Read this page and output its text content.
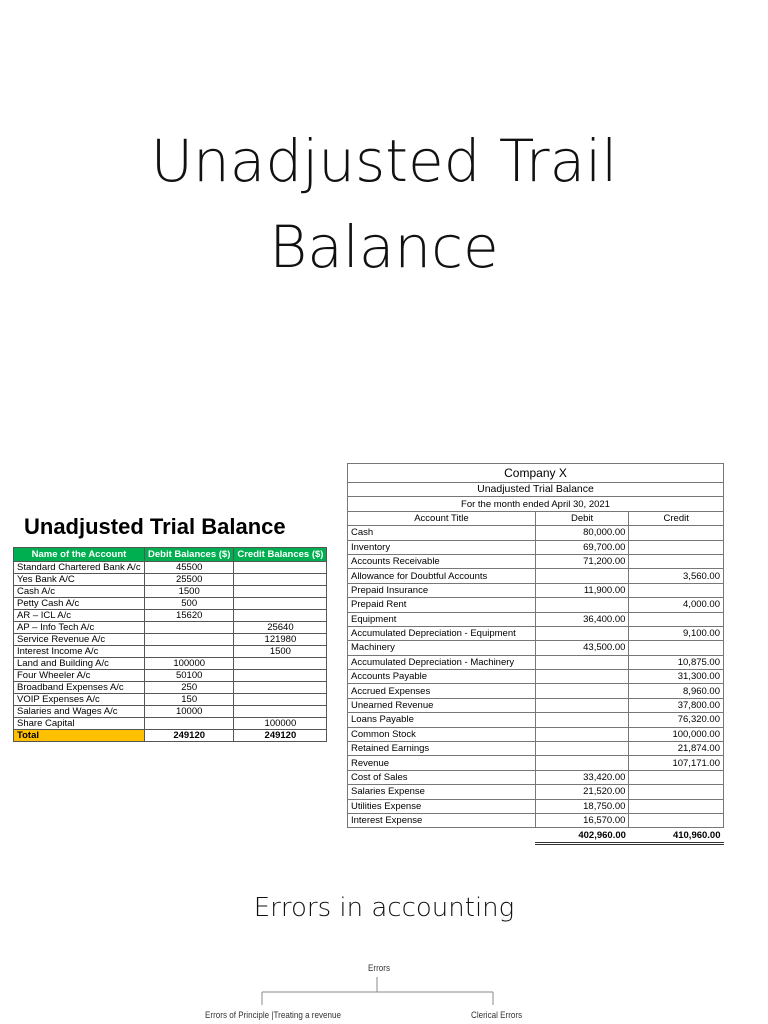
Unadjusted Trail
Balance
Unadjusted Trial Balance
Name of the Account	Debit Balances ($)	Credit Balances ($)
Standard Chartered Bank A/c	45500	
Yes Bank A/C	25500	
Cash A/c	1500	
Petty Cash A/c	500	
AR – ICL A/c	15620	
AP – Info Tech A/c		25640
Service Revenue A/c		121980
Interest Income A/c		1500
Land and Building A/c	100000	
Four Wheeler A/c	50100	
Broadband Expenses A/c	250	
VOIP Expenses A/c	150	
Salaries and Wages A/c	10000	
Share Capital		100000
Total	249120	249120
Company X		
Unadjusted Trial Balance		
For the month ended April 30, 2021		
Account Title	Debit	Credit
Cash	80,000.00	
Inventory	69,700.00	
Accounts Receivable	71,200.00	
Allowance for Doubtful Accounts		3,560.00
Prepaid Insurance	11,900.00	
Prepaid Rent		4,000.00
Equipment	36,400.00	
Accumulated Depreciation - Equipment		9,100.00
Machinery	43,500.00	
Accumulated Depreciation - Machinery		10,875.00
Accounts Payable		31,300.00
Accrued Expenses		8,960.00
Unearned Revenue		37,800.00
Loans Payable		76,320.00
Common Stock		100,000.00
Retained Earnings		21,874.00
Revenue		107,171.00
Cost of Sales	33,420.00	
Salaries Expense	21,520.00	
Utilities Expense	18,750.00	
Interest Expense	16,570.00	
	402,960.00	410,960.00
Errors in accounting
Errors
Errors of Principle |Treating a revenue	Clerical Errors
